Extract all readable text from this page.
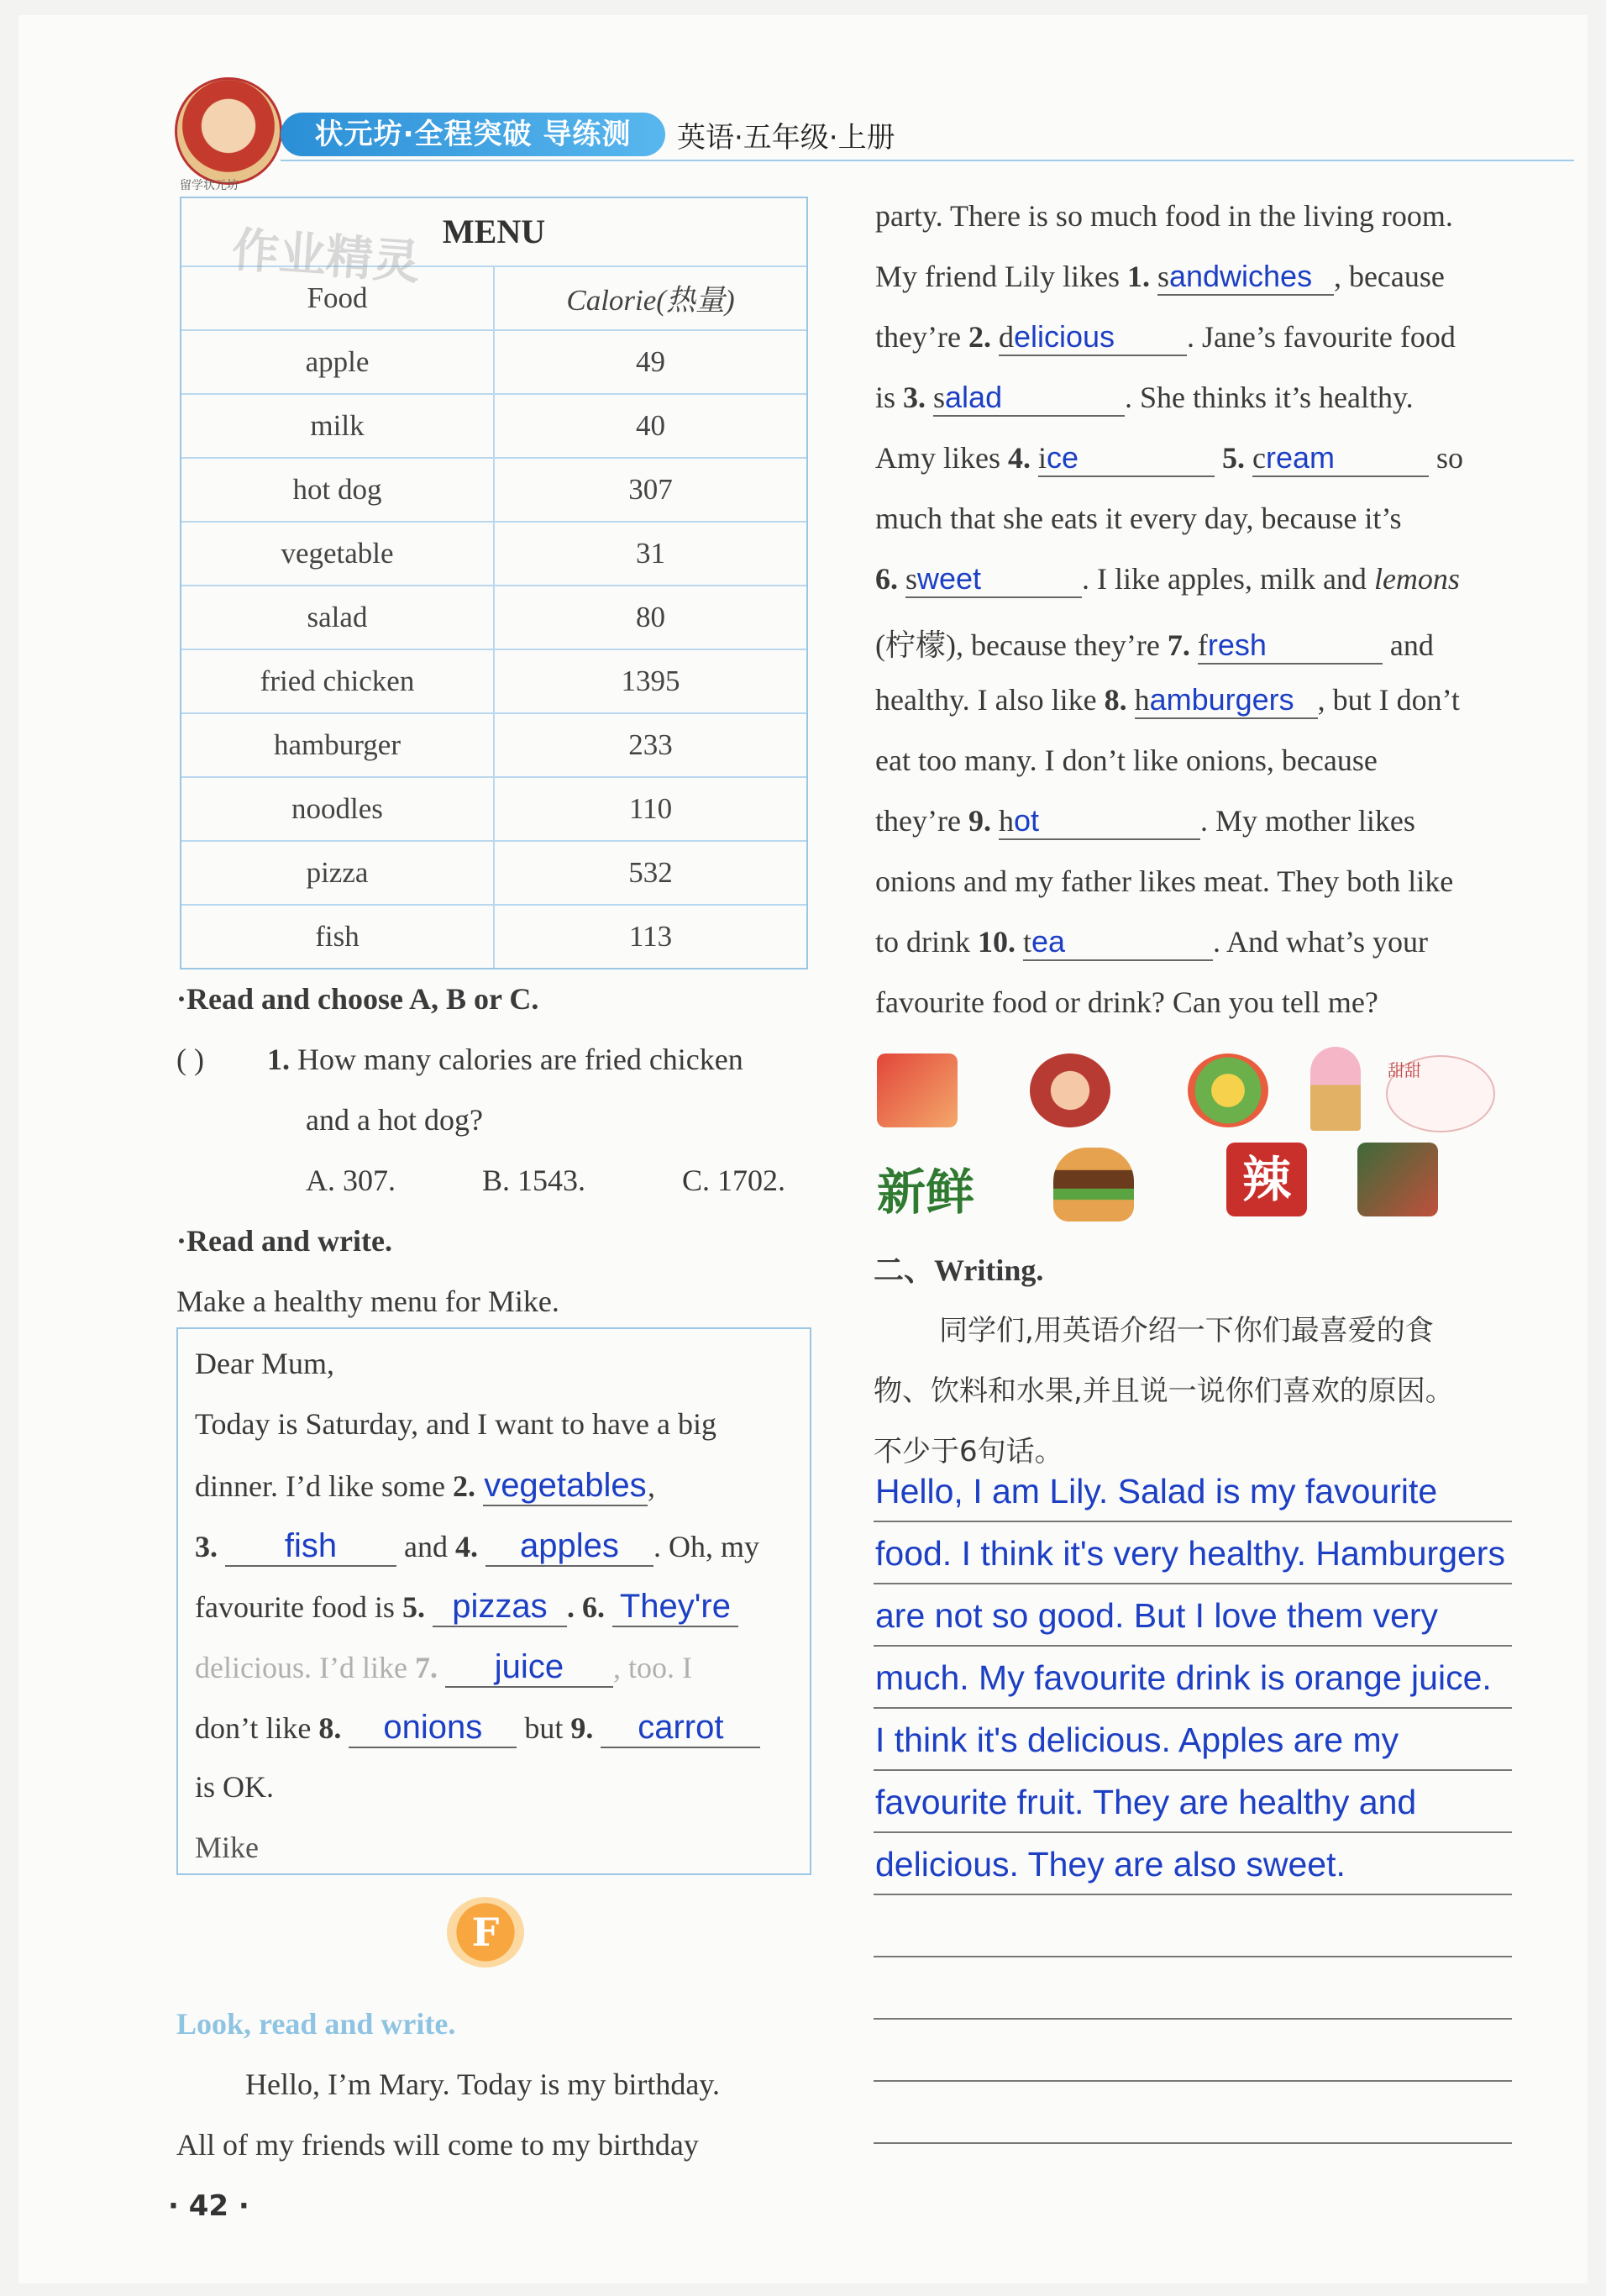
留学状元坊
状元坊·全程突破 导练测	英语·五年级·上册
作业精灵 MENU
Food	Calorie(热量)
apple	49
milk	40
hot dog	307
vegetable	31
salad	80
fried chicken	1395
hamburger	233
noodles	110
pizza	532
fish	113
·Read and choose A, B or C.
( ) 1. How many calories are fried chicken
and a hot dog?
A. 307.	B. 1543.	C. 1702.
·Read and write.
Make a healthy menu for Mike.
Dear Mum,
Today is Saturday, and I want to have a big
dinner. I’d like some 2. vegetables,
3. fish and 4. apples . Oh, my
favourite food is 5. pizzas . 6. They're
delicious. I’d like 7. juice , too. I
don’t like 8. onions but 9. carrot
is OK.
Mike
F
Look, read and write.
Hello, I’m Mary. Today is my birthday.
All of my friends will come to my birthday
party. There is so much food in the living room.
My friend Lily likes 1. sandwiches , because
they’re 2. delicious . Jane’s favourite food
is 3. salad	. She thinks it’s healthy.
Amy likes 4. ice	5. cream	so
much that she eats it every day, because it’s
6. sweet	. I like apples, milk and lemons
(柠檬), because they’re 7. fresh	and
healthy. I also like 8. hamburgers , but I don’t
eat too many. I don’t like onions, because
they’re 9. hot	. My mother likes
onions and my father likes meat. They both like
to drink 10. tea	. And what’s your
favourite food or drink? Can you tell me?
甜甜
新鲜	辣
二、Writing.
同学们,用英语介绍一下你们最喜爱的食
物、饮料和水果,并且说一说你们喜欢的原因。
不少于6句话。
Hello, I am Lily. Salad is my favourite
food. I think it's very healthy. Hamburgers
are not so good. But I love them very
much. My favourite drink is orange juice.
I think it's delicious. Apples are my
favourite fruit. They are healthy and
delicious. They are also sweet.
· 42 ·
